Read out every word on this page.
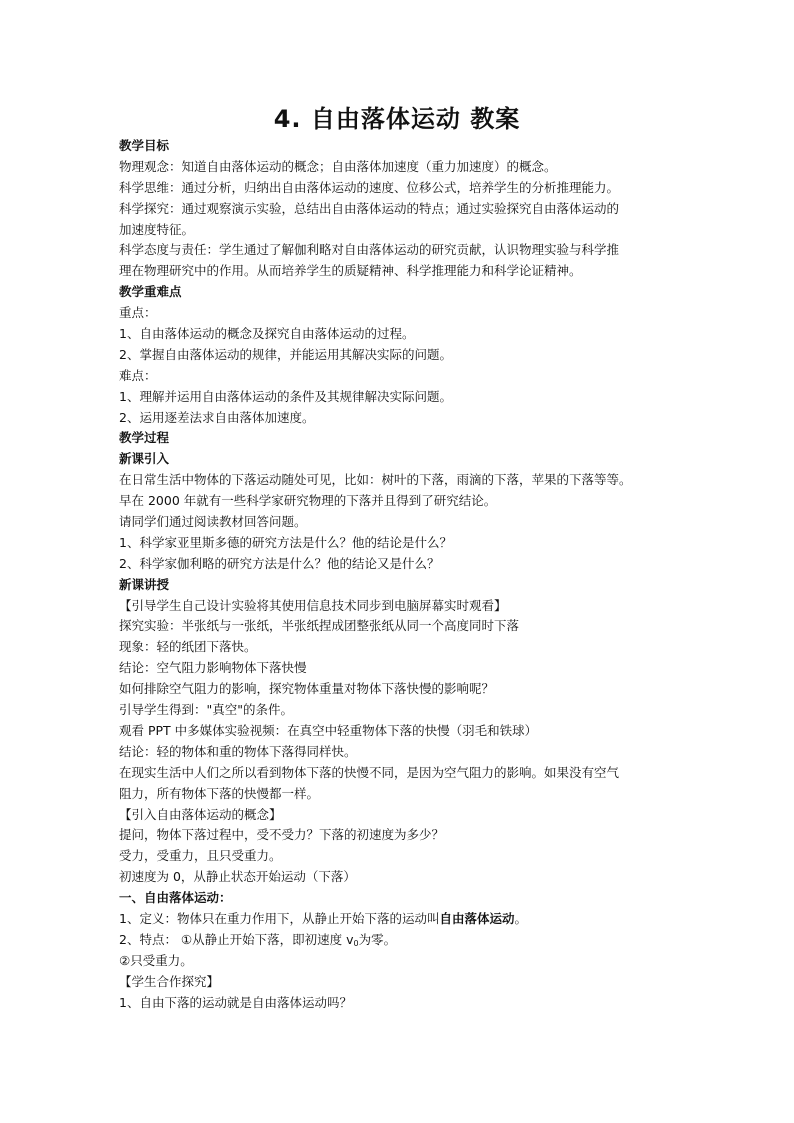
4. 自由落体运动 教案
教学目标
物理观念：知道自由落体运动的概念；自由落体加速度（重力加速度）的概念。
科学思维：通过分析，归纳出自由落体运动的速度、位移公式，培养学生的分析推理能力。
科学探究：通过观察演示实验，总结出自由落体运动的特点；通过实验探究自由落体运动的
加速度特征。
科学态度与责任：学生通过了解伽利略对自由落体运动的研究贡献，认识物理实验与科学推
理在物理研究中的作用。从而培养学生的质疑精神、科学推理能力和科学论证精神。
教学重难点
重点：
1、自由落体运动的概念及探究自由落体运动的过程。
2、掌握自由落体运动的规律，并能运用其解决实际的问题。
难点：
1、理解并运用自由落体运动的条件及其规律解决实际问题。
2、运用逐差法求自由落体加速度。
教学过程
新课引入
在日常生活中物体的下落运动随处可见，比如：树叶的下落，雨滴的下落，苹果的下落等等。
早在 2000 年就有一些科学家研究物理的下落并且得到了研究结论。
请同学们通过阅读教材回答问题。
1、科学家亚里斯多德的研究方法是什么？他的结论是什么？
2、科学家伽利略的研究方法是什么？他的结论又是什么？
新课讲授
【引导学生自己设计实验将其使用信息技术同步到电脑屏幕实时观看】
探究实验：半张纸与一张纸，半张纸捏成团整张纸从同一个高度同时下落
现象：轻的纸团下落快。
结论：空气阻力影响物体下落快慢
如何排除空气阻力的影响，探究物体重量对物体下落快慢的影响呢？
引导学生得到："真空"的条件。
观看 PPT 中多媒体实验视频：在真空中轻重物体下落的快慢（羽毛和铁球）
结论：轻的物体和重的物体下落得同样快。
在现实生活中人们之所以看到物体下落的快慢不同，是因为空气阻力的影响。如果没有空气
阻力，所有物体下落的快慢都一样。
【引入自由落体运动的概念】
提问，物体下落过程中，受不受力？下落的初速度为多少？
受力，受重力，且只受重力。
初速度为 0，从静止状态开始运动（下落）
一、自由落体运动：
1、定义：物体只在重力作用下，从静止开始下落的运动叫自由落体运动。
2、特点： ①从静止开始下落，即初速度 $v_0$为零。
②只受重力。
【学生合作探究】
1、自由下落的运动就是自由落体运动吗？
